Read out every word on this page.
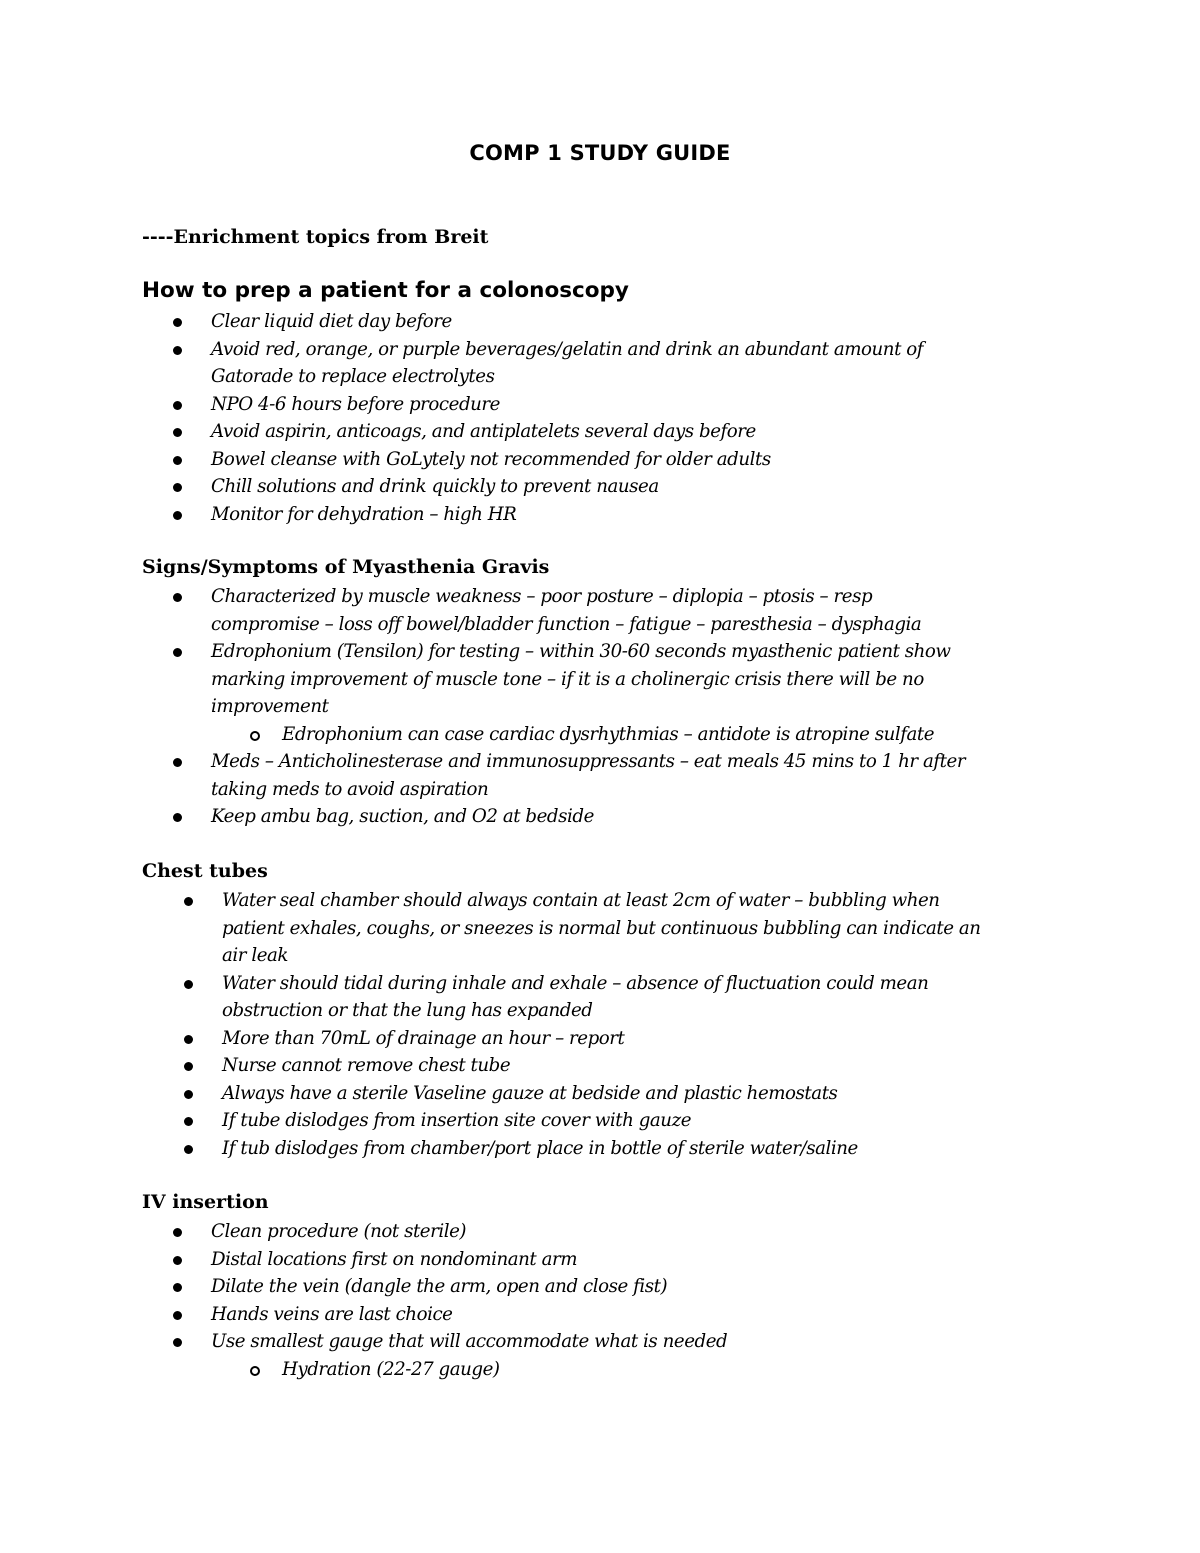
COMP 1 STUDY GUIDE
----Enrichment topics from Breit
How to prep a patient for a colonoscopy
Clear liquid diet day before
Avoid red, orange, or purple beverages/gelatin and drink an abundant amount of
Gatorade to replace electrolytes
NPO 4-6 hours before procedure
Avoid aspirin, anticoags, and antiplatelets several days before
Bowel cleanse with GoLytely not recommended for older adults
Chill solutions and drink quickly to prevent nausea
Monitor for dehydration – high HR
Signs/Symptoms of Myasthenia Gravis
Characterized by muscle weakness – poor posture – diplopia – ptosis – resp
compromise – loss off bowel/bladder function – fatigue – paresthesia – dysphagia
Edrophonium (Tensilon) for testing – within 30-60 seconds myasthenic patient show
marking improvement of muscle tone – if it is a cholinergic crisis there will be no
improvement
Edrophonium can case cardiac dysrhythmias – antidote is atropine sulfate
Meds – Anticholinesterase and immunosuppressants – eat meals 45 mins to 1 hr after
taking meds to avoid aspiration
Keep ambu bag, suction, and O2 at bedside
Chest tubes
Water seal chamber should always contain at least 2cm of water – bubbling when
patient exhales, coughs, or sneezes is normal but continuous bubbling can indicate an
air leak
Water should tidal during inhale and exhale – absence of fluctuation could mean
obstruction or that the lung has expanded
More than 70mL of drainage an hour – report
Nurse cannot remove chest tube
Always have a sterile Vaseline gauze at bedside and plastic hemostats
If tube dislodges from insertion site cover with gauze
If tub dislodges from chamber/port place in bottle of sterile water/saline
IV insertion
Clean procedure (not sterile)
Distal locations first on nondominant arm
Dilate the vein (dangle the arm, open and close fist)
Hands veins are last choice
Use smallest gauge that will accommodate what is needed
Hydration (22-27 gauge)
